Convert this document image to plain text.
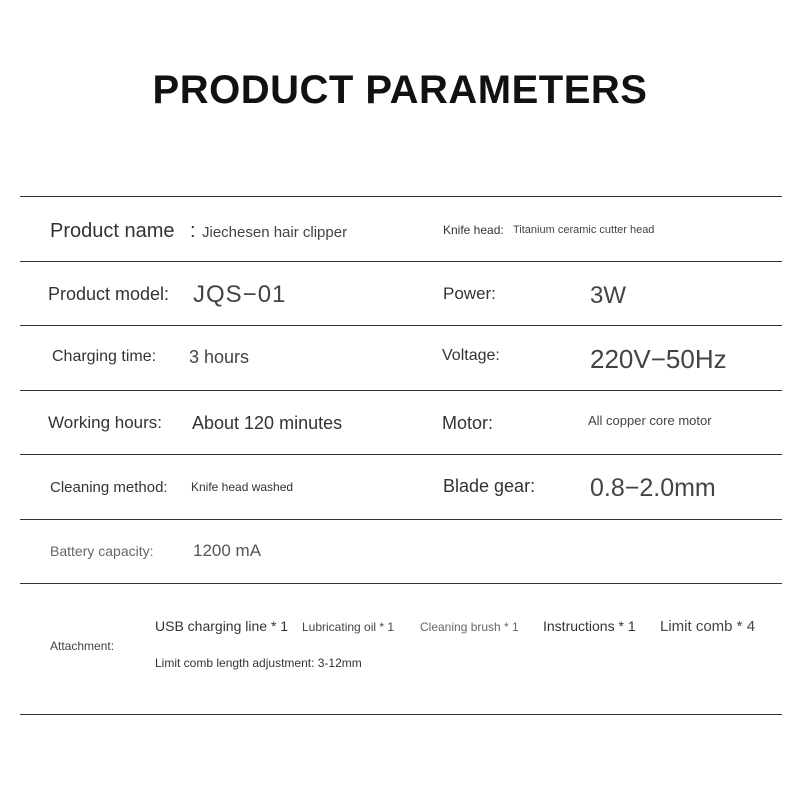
PRODUCT PARAMETERS
Product name : Jiechesen hair clipper	Knife head: Titanium ceramic cutter head
Product model: JQS−01	Power:	3W
Charging time: 3 hours	Voltage:	220V−50Hz
Working hours: About 120 minutes	Motor:	All copper core motor
Cleaning method: Knife head washed	Blade gear: 0.8−2.0mm
Battery capacity: 1200 mA
Attachment:
USB charging line * 1 Lubricating oil * 1 Cleaning brush * 1 Instructions * 1 Limit comb * 4
Limit comb length adjustment: 3-12mm
